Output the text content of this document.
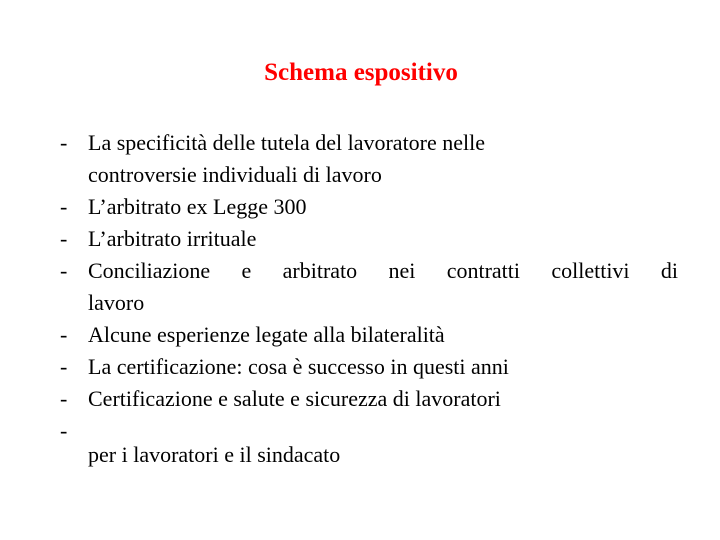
Schema espositivo
- La specificità delle tutela del lavoratore nelle
controversie individuali di lavoro
- L’arbitrato ex Legge 300
- L’arbitrato irrituale
- Conciliazione e arbitrato nei contratti collettivi di
lavoro
- Alcune esperienze legate alla bilateralità
- La certificazione: cosa è successo in questi anni
- Certificazione e salute e sicurezza di lavoratori
-

per i lavoratori e il sindacato
